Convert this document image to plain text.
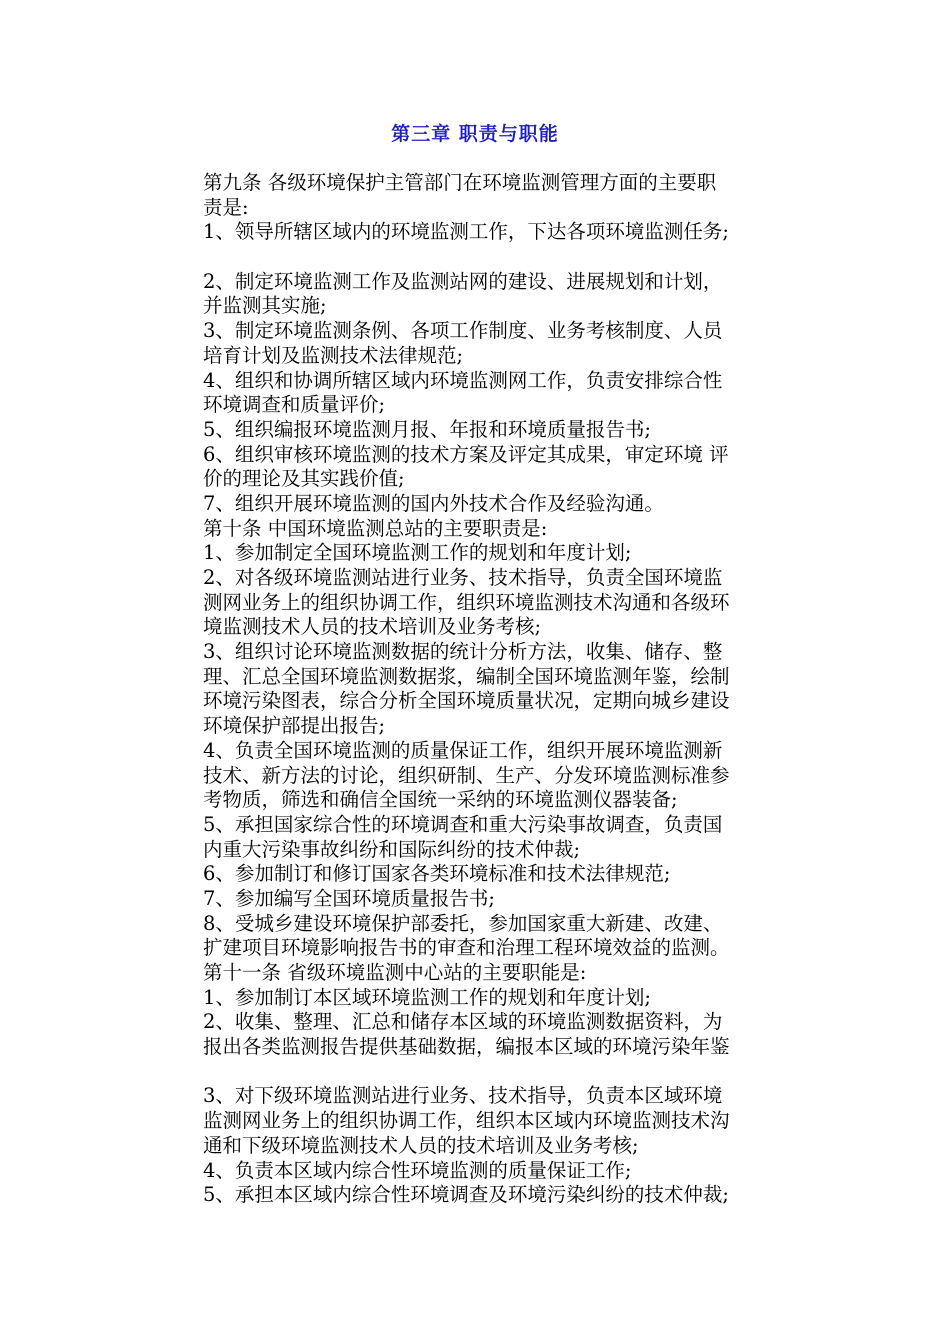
第三章 职责与职能
第九条 各级环境保护主管部门在环境监测管理方面的主要职
责是:
1、领导所辖区域内的环境监测工作，下达各项环境监测任务;
2、制定环境监测工作及监测站网的建设、进展规划和计划，
并监测其实施;
3、制定环境监测条例、各项工作制度、业务考核制度、人员
培育计划及监测技术法律规范;
4、组织和协调所辖区域内环境监测网工作，负责安排综合性
环境调查和质量评价;
5、组织编报环境监测月报、年报和环境质量报告书;
6、组织审核环境监测的技术方案及评定其成果，审定环境 评
价的理论及其实践价值;
7、组织开展环境监测的国内外技术合作及经验沟通。
第十条 中国环境监测总站的主要职责是:
1、参加制定全国环境监测工作的规划和年度计划;
2、对各级环境监测站进行业务、技术指导，负责全国环境监
测网业务上的组织协调工作，组织环境监测技术沟通和各级环
境监测技术人员的技术培训及业务考核;
3、组织讨论环境监测数据的统计分析方法，收集、储存、整
理、汇总全国环境监测数据浆，编制全国环境监测年鉴，绘制
环境污染图表，综合分析全国环境质量状况，定期向城乡建设
环境保护部提出报告;
4、负责全国环境监测的质量保证工作，组织开展环境监测新
技术、新方法的讨论，组织研制、生产、分发环境监测标准参
考物质，筛选和确信全国统一采纳的环境监测仪器装备;
5、承担国家综合性的环境调查和重大污染事故调查，负责国
内重大污染事故纠纷和国际纠纷的技术仲裁;
6、参加制订和修订国家各类环境标准和技术法律规范;
7、参加编写全国环境质量报告书;
8、受城乡建设环境保护部委托，参加国家重大新建、改建、
扩建项目环境影响报告书的审查和治理工程环境效益的监测。
第十一条 省级环境监测中心站的主要职能是:
1、参加制订本区域环境监测工作的规划和年度计划;
2、收集、整理、汇总和储存本区域的环境监测数据资料，为
报出各类监测报告提供基础数据，编报本区域的环境污染年鉴
3、对下级环境监测站进行业务、技术指导，负责本区域环境
监测网业务上的组织协调工作，组织本区域内环境监测技术沟
通和下级环境监测技术人员的技术培训及业务考核;
4、负责本区域内综合性环境监测的质量保证工作;
5、承担本区域内综合性环境调查及环境污染纠纷的技术仲裁;
